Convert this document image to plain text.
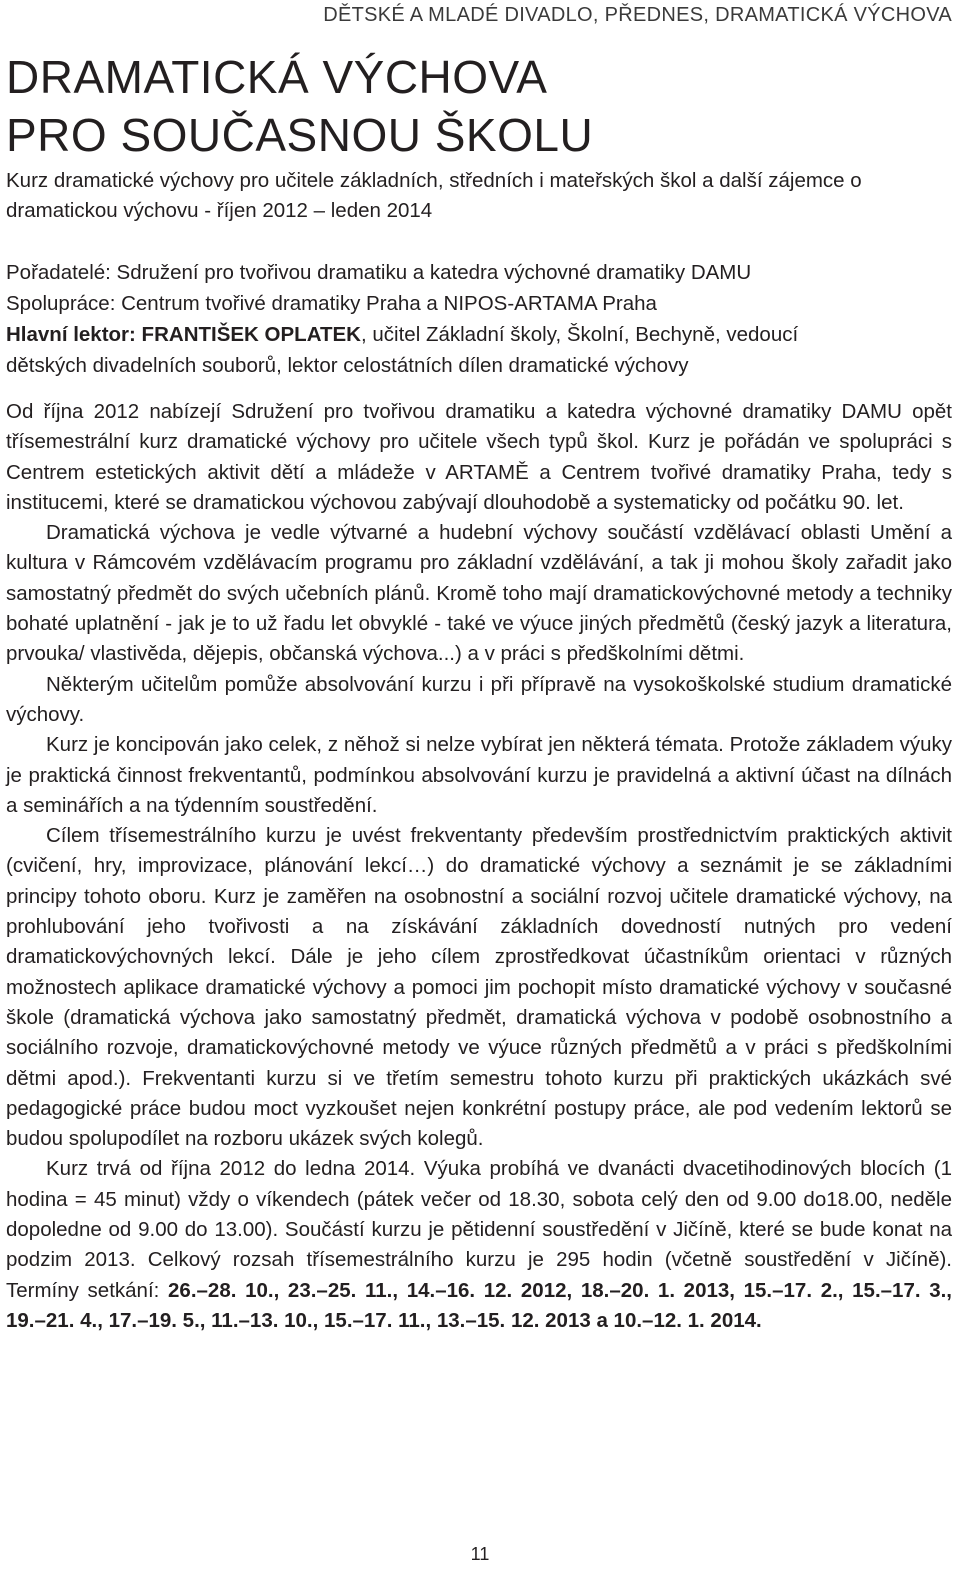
DĚTSKÉ A MLADÉ DIVADLO, PŘEDNES, DRAMATICKÁ VÝCHOVA
DRAMATICKÁ VÝCHOVA
PRO SOUČASNOU ŠKOLU

Kurz dramatické výchovy pro učitele základních, středních i mateřských škol a další zájemce o dramatickou výchovu - říjen 2012 – leden 2014

Pořadatelé: Sdružení pro tvořivou dramatiku a katedra výchovné dramatiky DAMU
Spolupráce: Centrum tvořivé dramatiky Praha a NIPOS-ARTAMA Praha
Hlavní lektor: FRANTIŠEK OPLATEK, učitel Základní školy, Školní, Bechyně, vedoucí
dětských divadelních souborů, lektor celostátních dílen dramatické výchovy

Od října 2012 nabízejí Sdružení pro tvořivou dramatiku a katedra výchovné dramatiky DAMU opět třísemestrální kurz dramatické výchovy pro učitele všech typů škol. Kurz je pořádán ve spolupráci s Centrem estetických aktivit dětí a mládeže v ARTAMĚ a Centrem tvořivé dramatiky Praha, tedy s institucemi, které se dramatickou výchovou zabývají dlouhodobě a systematicky od počátku 90. let.

Dramatická výchova je vedle výtvarné a hudební výchovy součástí vzdělávací oblasti Umění a kultura v Rámcovém vzdělávacím programu pro základní vzdělávání, a tak ji mohou školy zařadit jako samostatný předmět do svých učebních plánů. Kromě toho mají dramatickovýchovné metody a techniky bohaté uplatnění - jak je to už řadu let obvyklé - také ve výuce jiných předmětů (český jazyk a literatura, prvouka/ vlastivěda, dějepis, občanská výchova...) a v práci s předškolními dětmi.

Některým učitelům pomůže absolvování kurzu i při přípravě na vysokoškolské studium dramatické výchovy.

Kurz je koncipován jako celek, z něhož si nelze vybírat jen některá témata. Protože základem výuky je praktická činnost frekventantů, podmínkou absolvování kurzu je pravidelná a aktivní účast na dílnách a seminářích a na týdenním soustředění.

Cílem třísemestrálního kurzu je uvést frekventanty především prostřednictvím praktických aktivit (cvičení, hry, improvizace, plánování lekcí…) do dramatické výchovy a seznámit je se základními principy tohoto oboru. Kurz je zaměřen na osobnostní a sociální rozvoj učitele dramatické výchovy, na prohlubování jeho tvořivosti a na získávání základních dovedností nutných pro vedení dramatickovýchovných lekcí. Dále je jeho cílem zprostředkovat účastníkům orientaci v různých možnostech aplikace dramatické výchovy a pomoci jim pochopit místo dramatické výchovy v současné škole (dramatická výchova jako samostatný předmět, dramatická výchova v podobě osobnostního a sociálního rozvoje, dramatickovýchovné metody ve výuce různých předmětů a v práci s předškolními dětmi apod.). Frekventanti kurzu si ve třetím semestru tohoto kurzu při praktických ukázkách své pedagogické práce budou moct vyzkoušet nejen konkrétní postupy práce, ale pod vedením lektorů se budou spolupodílet na rozboru ukázek svých kolegů.

Kurz trvá od října 2012 do ledna 2014. Výuka probíhá ve dvanácti dvacetihodinových blocích (1 hodina = 45 minut) vždy o víkendech (pátek večer od 18.30, sobota celý den od 9.00 do18.00, neděle dopoledne od 9.00 do 13.00). Součástí kurzu je pětidenní soustředění v Jičíně, které se bude konat na podzim 2013. Celkový rozsah třísemestrálního kurzu je 295 hodin (včetně soustředění v Jičíně). Termíny setkání: 26.–28. 10., 23.–25. 11., 14.–16. 12. 2012, 18.–20. 1. 2013, 15.–17. 2., 15.–17. 3., 19.–21. 4., 17.–19. 5., 11.–13. 10., 15.–17. 11., 13.–15. 12. 2013 a 10.–12. 1. 2014.

11
